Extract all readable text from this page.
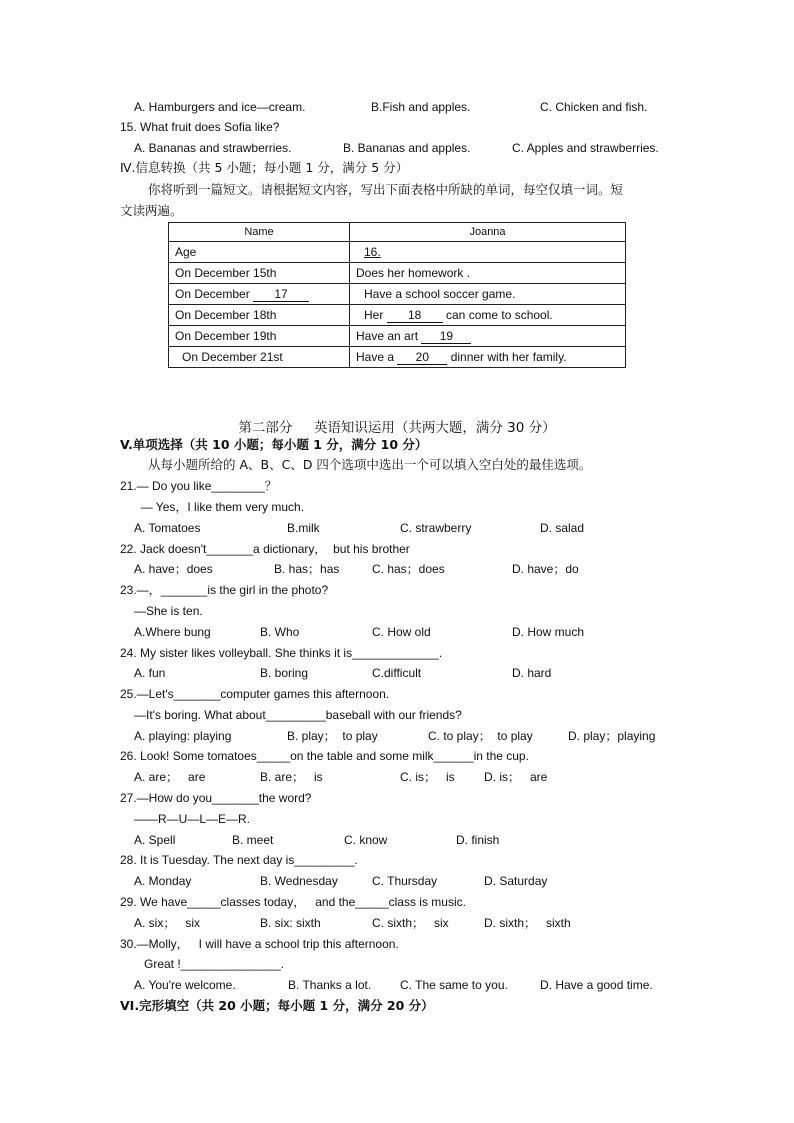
A. Hamburgers and ice—cream.	B.Fish and apples.	C. Chicken and fish.
15. What fruit does Sofia like?
A. Bananas and strawberries.	B. Bananas and apples.	C. Apples and strawberries.
Ⅳ.信息转换（共 5 小题；每小题 1 分，满分 5 分）
你将听到一篇短文。请根据短文内容，写出下面表格中所缺的单词，每空仅填一词。短
文读两遍。
Name	Joanna
Age	16.
On December 15th	Does her homework .
On December 17	Have a school soccer game.
On December 18th	Her 18 can come to school.
On December 19th	Have an art 19
On December 21st	Have a 20 dinner with her family.
第二部分     英语知识运用（共两大题，满分 30 分）
V.单项选择（共 10 小题；每小题 1 分，满分 10 分）
从每小题所给的 A、B、C、D 四个选项中选出一个可以填入空白处的最佳选项。
21.— Do you like________？
— Yes，I like them very much.
A. Tomatoes	B.milk	C. strawberry	D. salad
22. Jack doesn't_______a dictionary，  but his brother
A. have；does	B. has；has	C. has；does	D. have；do
23.—，_______is the girl in the photo?
—She is ten.
A.Where bung	B. Who	C. How old	D. How much
24. My sister likes volleyball. She thinks it is_____________.
A. fun	B. boring	C.difficult	D. hard
25.—Let's_______computer games this afternoon.
—It's boring. What about_________baseball with our friends?
A. playing: playing	B. play；  to play	C. to play；  to play	D. play；playing
26. Look! Some tomatoes_____on the table and some milk______in the cup.
A. are；   are	B. are；   is	C. is；   is D. is；   are
27.—How do you_______the word?
——R—U—L—E—R.
A. Spell	B. meet	C. know	D. finish
28. It is Tuesday. The next day is_________.
A. Monday	B. Wednesday	C. Thursday	D. Saturday
29. We have_____classes today，   and the_____class is music.
A. six；   six	B. six: sixth	C. sixth；   six	D. sixth；   sixth
30.—Molly，   I will have a school trip this afternoon.
Great !_______________.
A. You're welcome.	B. Thanks a lot. C. The same to you.	D. Have a good time.
VI.完形填空（共 20 小题；每小题 1 分，满分 20 分）
